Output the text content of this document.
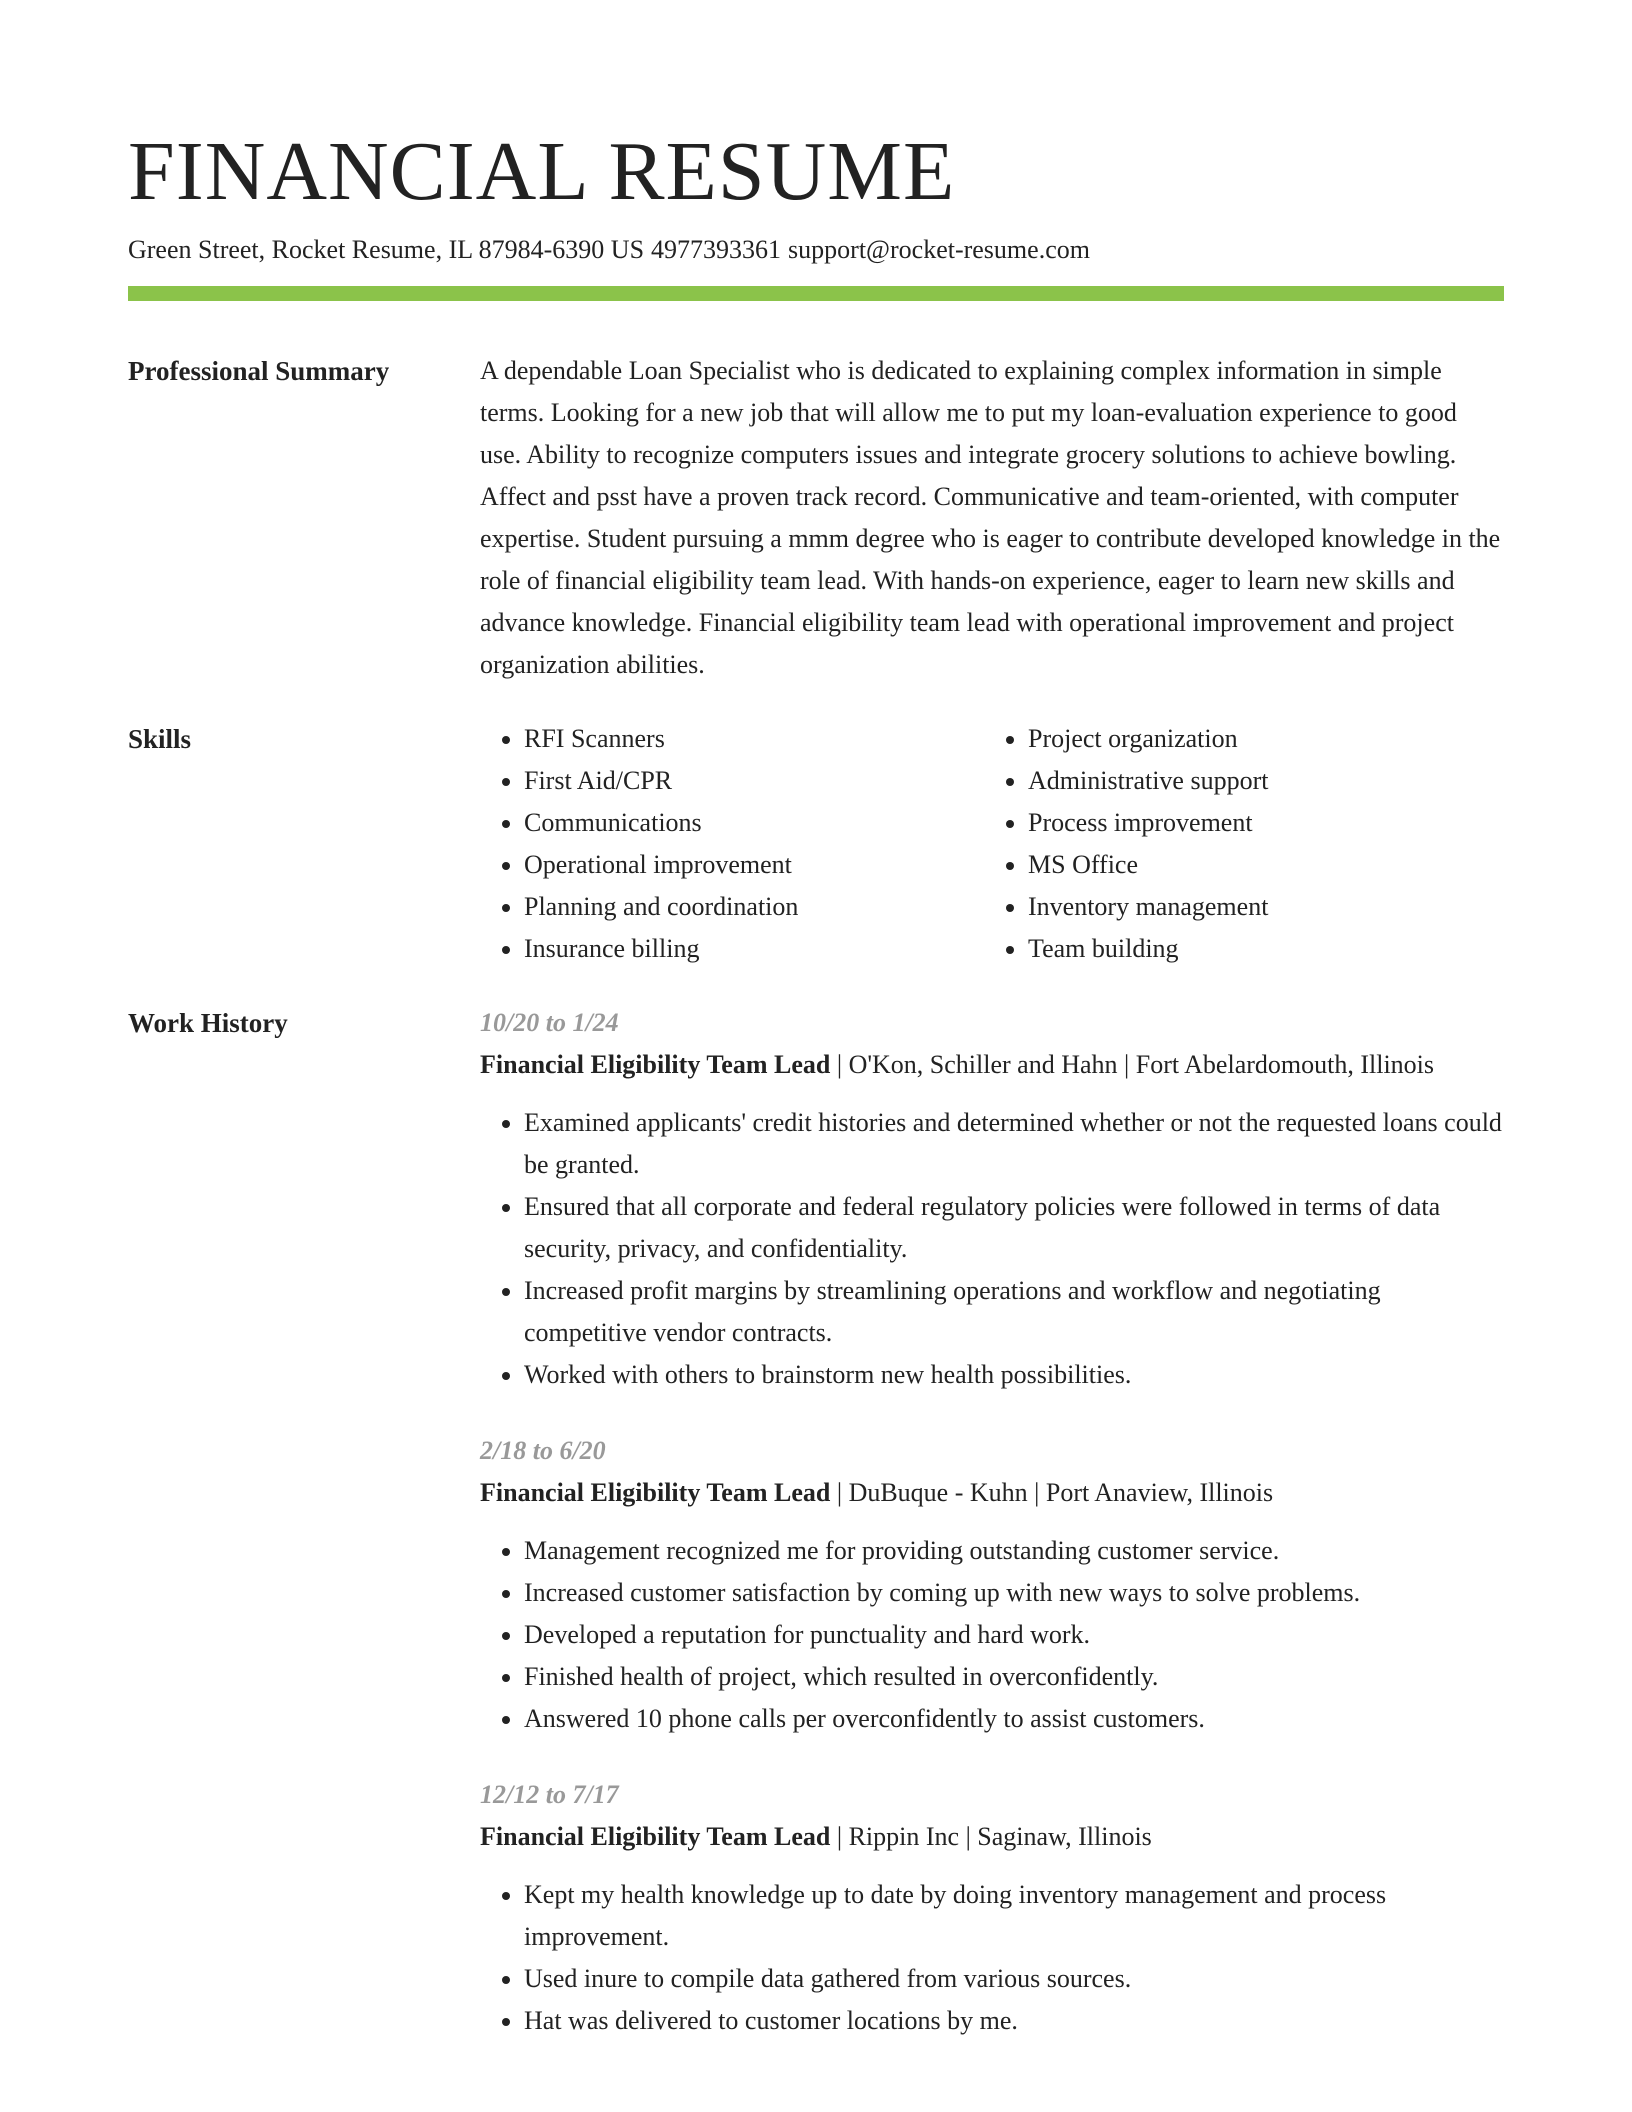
FINANCIAL RESUME
Green Street, Rocket Resume, IL 87984-6390 US 4977393361 support@rocket-resume.com
Professional Summary	A dependable Loan Specialist who is dedicated to explaining complex information in simple terms. Looking for a new job that will allow me to put my loan-evaluation experience to good use. Ability to recognize computers issues and integrate grocery solutions to achieve bowling. Affect and psst have a proven track record. Communicative and team-oriented, with computer expertise. Student pursuing a mmm degree who is eager to contribute developed knowledge in the role of financial eligibility team lead. With hands-on experience, eager to learn new skills and advance knowledge. Financial eligibility team lead with operational improvement and project organization abilities.

Skills
•	RFI Scanners
• First Aid/CPR
• Communications
• Operational improvement
• Planning and coordination
• Insurance billing
• Project organization
• Administrative support
• Process improvement
• MS Office
• Inventory management
• Team building
Work History	10/20 to 1/24
Financial Eligibility Team Lead | O'Kon, Schiller and Hahn | Fort Abelardomouth, Illinois
• Examined applicants' credit histories and determined whether or not the requested loans could be granted.
• Ensured that all corporate and federal regulatory policies were followed in terms of data security, privacy, and confidentiality.
• Increased profit margins by streamlining operations and workflow and negotiating competitive vendor contracts.
• Worked with others to brainstorm new health possibilities.
2/18 to 6/20
Financial Eligibility Team Lead | DuBuque - Kuhn | Port Anaview, Illinois
• Management recognized me for providing outstanding customer service.
• Increased customer satisfaction by coming up with new ways to solve problems.
• Developed a reputation for punctuality and hard work.
• Finished health of project, which resulted in overconfidently.
• Answered 10 phone calls per overconfidently to assist customers.
12/12 to 7/17
Financial Eligibility Team Lead | Rippin Inc | Saginaw, Illinois
• Kept my health knowledge up to date by doing inventory management and process improvement.
• Used inure to compile data gathered from various sources.
• Hat was delivered to customer locations by me.
